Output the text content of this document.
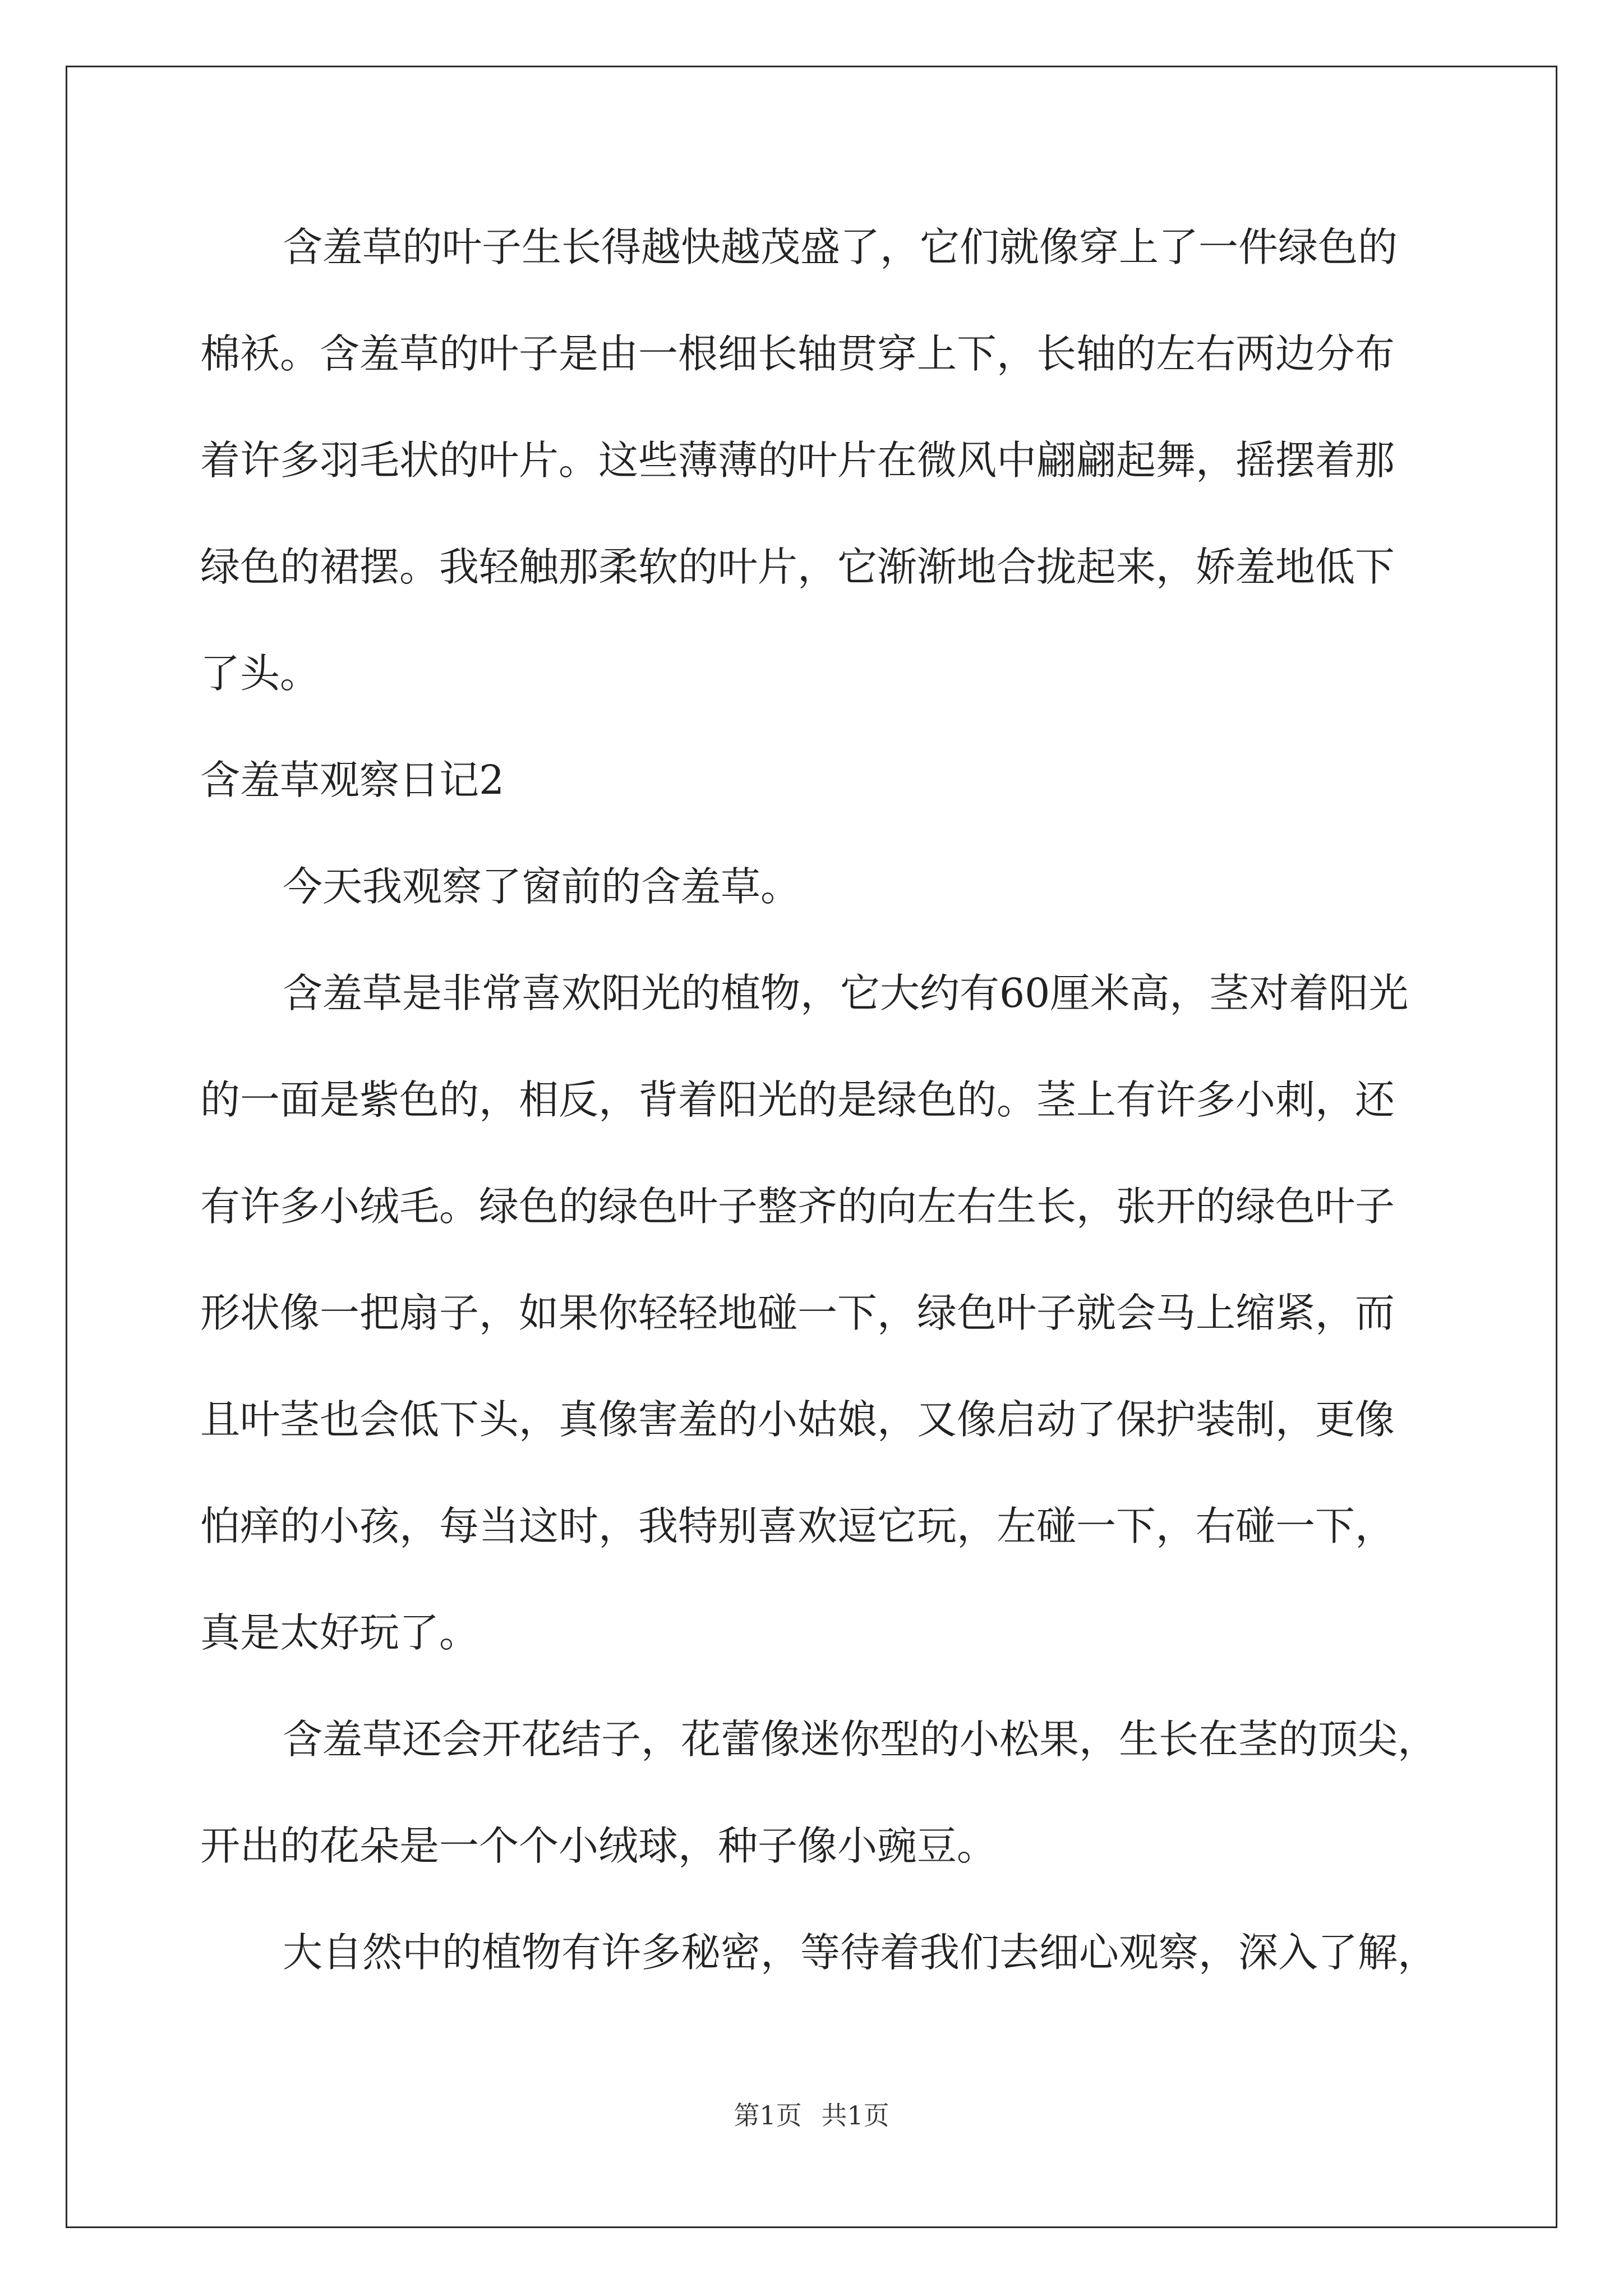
含羞草的叶子生长得越快越茂盛了，它们就像穿上了一件绿色的
棉袄。含羞草的叶子是由一根细长轴贯穿上下，长轴的左右两边分布
着许多羽毛状的叶片。这些薄薄的叶片在微风中翩翩起舞，摇摆着那
绿色的裙摆。我轻触那柔软的叶片，它渐渐地合拢起来，娇羞地低下
了头。
含羞草观察日记2
今天我观察了窗前的含羞草。
含羞草是非常喜欢阳光的植物，它大约有60厘米高，茎对着阳光
的一面是紫色的，相反，背着阳光的是绿色的。茎上有许多小刺，还
有许多小绒毛。绿色的绿色叶子整齐的向左右生长，张开的绿色叶子
形状像一把扇子，如果你轻轻地碰一下，绿色叶子就会马上缩紧，而
且叶茎也会低下头，真像害羞的小姑娘，又像启动了保护装制，更像
怕痒的小孩，每当这时，我特别喜欢逗它玩，左碰一下，右碰一下，
真是太好玩了。
含羞草还会开花结子，花蕾像迷你型的小松果，生长在茎的顶尖，
开出的花朵是一个个小绒球，种子像小豌豆。
大自然中的植物有许多秘密，等待着我们去细心观察，深入了解，
第1页 共1页
